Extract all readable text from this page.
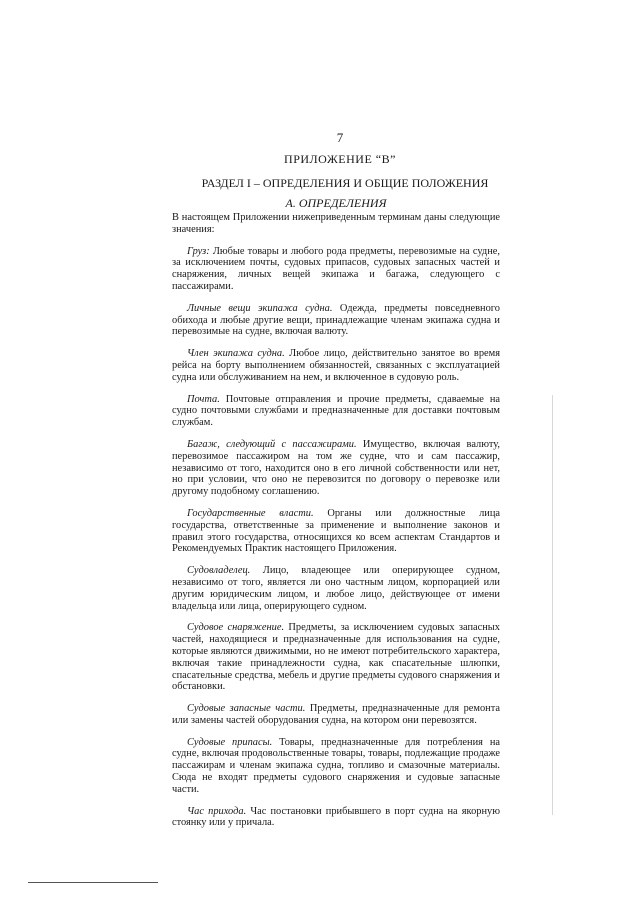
7
ПРИЛОЖЕНИЕ “B”
РАЗДЕЛ I – ОПРЕДЕЛЕНИЯ И ОБЩИЕ ПОЛОЖЕНИЯ
А. ОПРЕДЕЛЕНИЯ

В настоящем Приложении нижеприведенным терминам даны следующие значения:

Груз: Любые товары и любого рода предметы, перевозимые на судне, за исключением почты, судовых припасов, судовых запасных частей и снаряжения, личных вещей экипажа и багажа, следующего с пассажирами.

Личные вещи экипажа судна. Одежда, предметы повседневного обихода и любые другие вещи, принадлежащие членам экипажа судна и перевозимые на судне, включая валюту.

Член экипажа судна. Любое лицо, действительно занятое во время рейса на борту выполнением обязанностей, связанных с эксплуатацией судна или обслуживанием на нем, и включенное в судовую роль.

Почта. Почтовые отправления и прочие предметы, сдаваемые на судно почтовыми службами и предназначенные для доставки почтовым службам.

Багаж, следующий с пассажирами. Имущество, включая валюту, перевозимое пассажиром на том же судне, что и сам пассажир, независимо от того, находится оно в его личной собственности или нет, но при условии, что оно не перевозится по договору о перевозке или другому подобному соглашению.

Государственные власти. Органы или должностные лица государства, ответственные за применение и выполнение законов и правил этого государства, относящихся ко всем аспектам Стандартов и Рекомендуемых Практик настоящего Приложения.

Судовладелец. Лицо, владеющее или оперирующее судном, независимо от того, является ли оно частным лицом, корпорацией или другим юридическим лицом, и любое лицо, действующее от имени владельца или лица, оперирующего судном.

Судовое снаряжение. Предметы, за исключением судовых запасных частей, находящиеся и предназначенные для использования на судне, которые являются движимыми, но не имеют потребительского характера, включая такие принадлежности судна, как спасательные шлюпки, спасательные средства, мебель и другие предметы судового снаряжения и обстановки.

Судовые запасные части. Предметы, предназначенные для ремонта или замены частей оборудования судна, на котором они перевозятся.

Судовые припасы. Товары, предназначенные для потребления на судне, включая продовольственные товары, товары, подлежащие продаже пассажирам и членам экипажа судна, топливо и смазочные материалы. Сюда не входят предметы судового снаряжения и судовые запасные части.

Час прихода. Час постановки прибывшего в порт судна на якорную стоянку или у причала.
